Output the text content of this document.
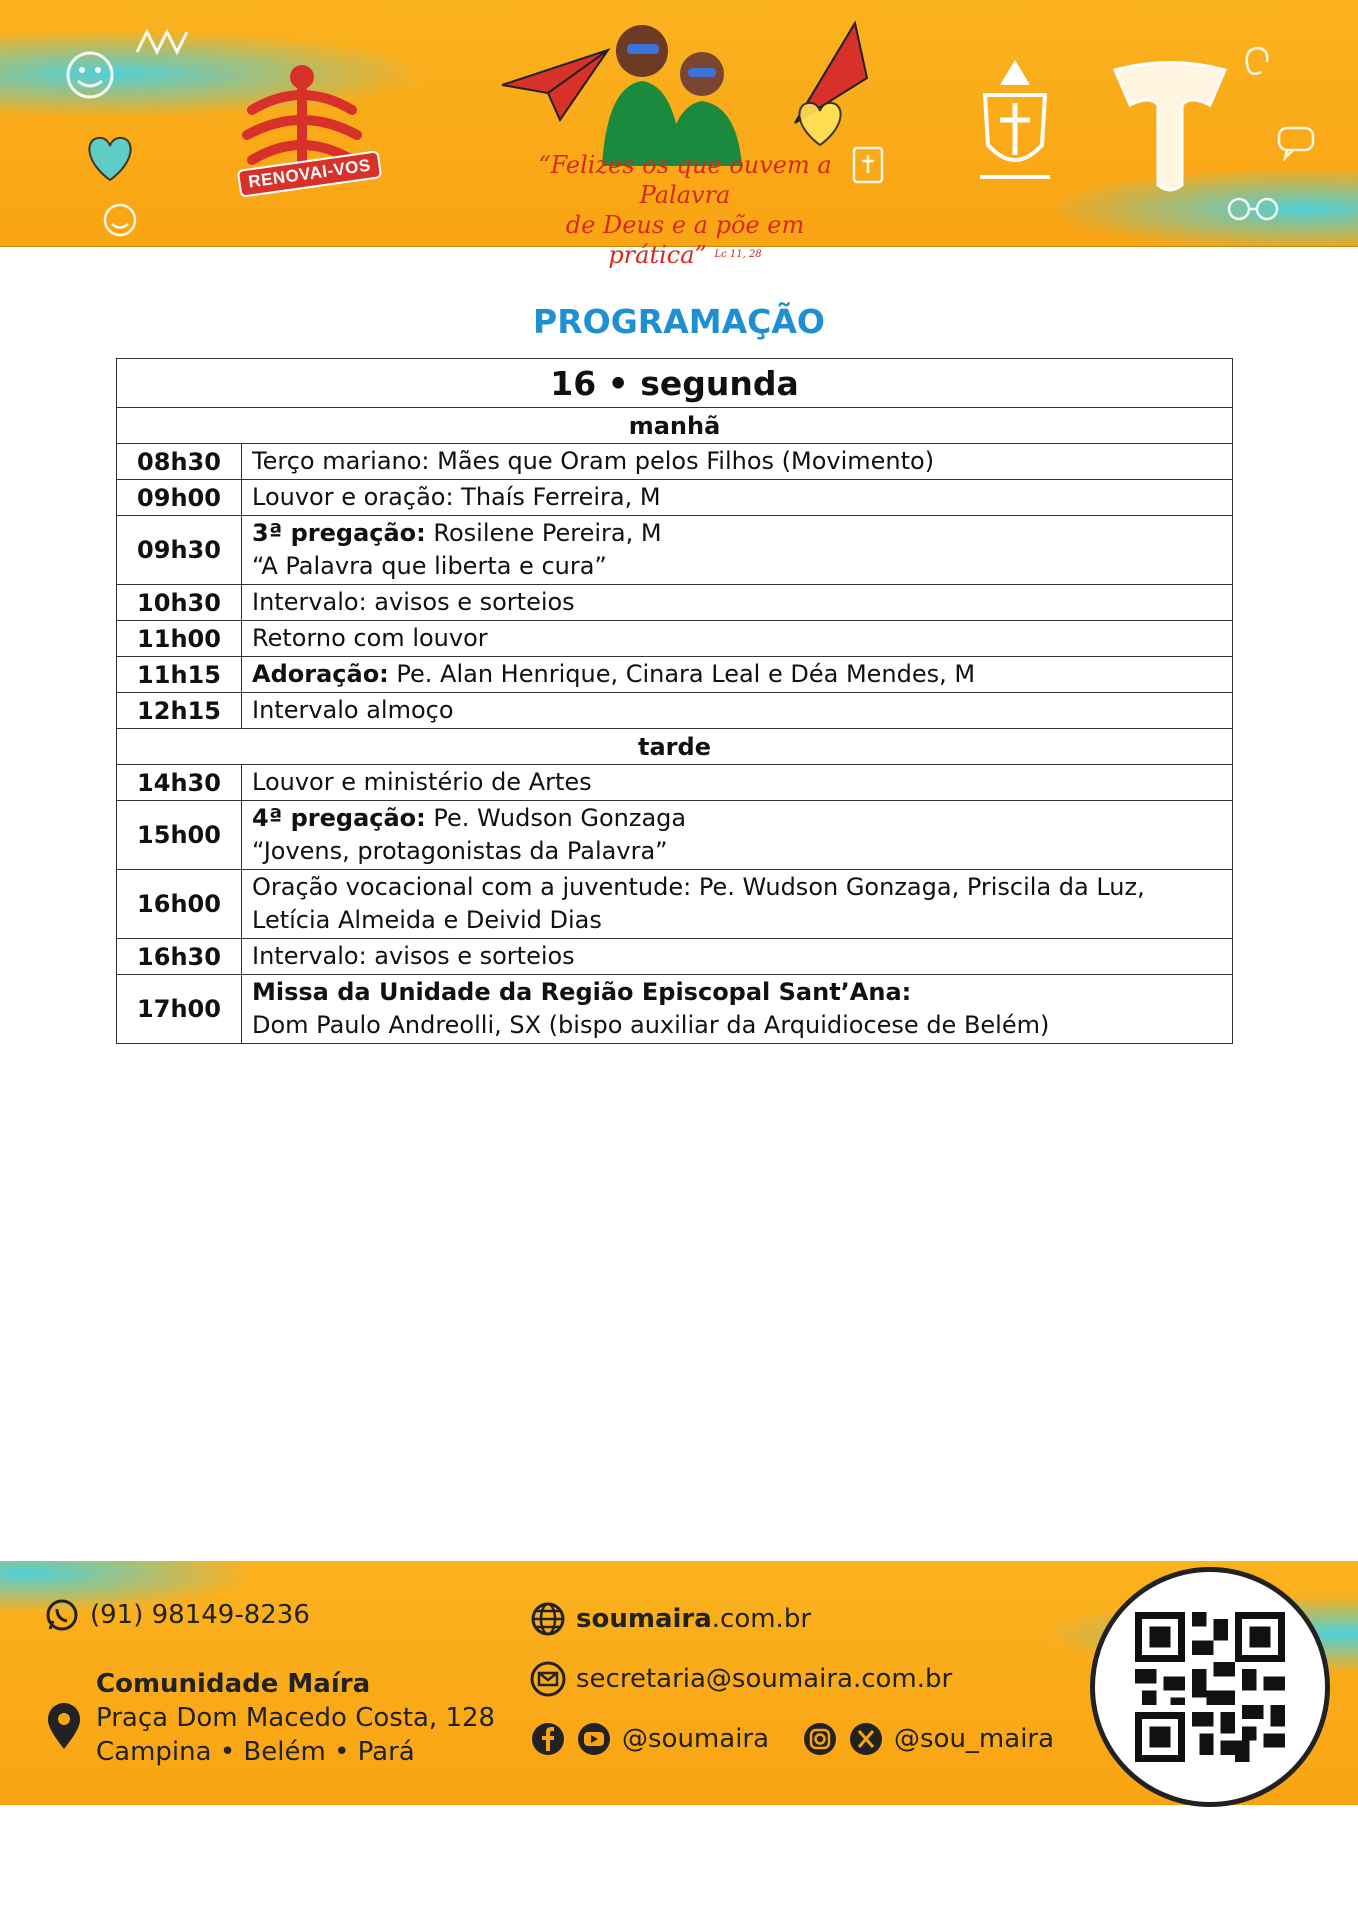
RENOVAI-VOS	“Felizes os que ouvem a Palavra
de Deus e a põe em prática” $^{Lc 11, 28}$
PROGRAMAÇÃO
16 • segunda	
manhã	
08h30	Terço mariano: Mães que Oram pelos Filhos (Movimento)
09h00	Louvor e oração: Thaís Ferreira, M
09h30	3ª pregação: Rosilene Pereira, M
“A Palavra que liberta e cura”
10h30	Intervalo: avisos e sorteios
11h00	Retorno com louvor
11h15	Adoração: Pe. Alan Henrique, Cinara Leal e Déa Mendes, M
12h15	Intervalo almoço
tarde	
14h30	Louvor e ministério de Artes
15h00	4ª pregação: Pe. Wudson Gonzaga
“Jovens, protagonistas da Palavra”
16h00	Oração vocacional com a juventude: Pe. Wudson Gonzaga, Priscila da Luz, Letícia Almeida e Deivid Dias
16h30	Intervalo: avisos e sorteios
17h00	Missa da Unidade da Região Episcopal Sant’Ana:
Dom Paulo Andreolli, SX (bispo auxiliar da Arquidiocese de Belém)
(91) 98149-8236
Comunidade Maíra
Praça Dom Macedo Costa, 128
Campina • Belém • Pará
soumaira.com.br
secretaria@soumaira.com.br
@soumaira	@sou_maira
